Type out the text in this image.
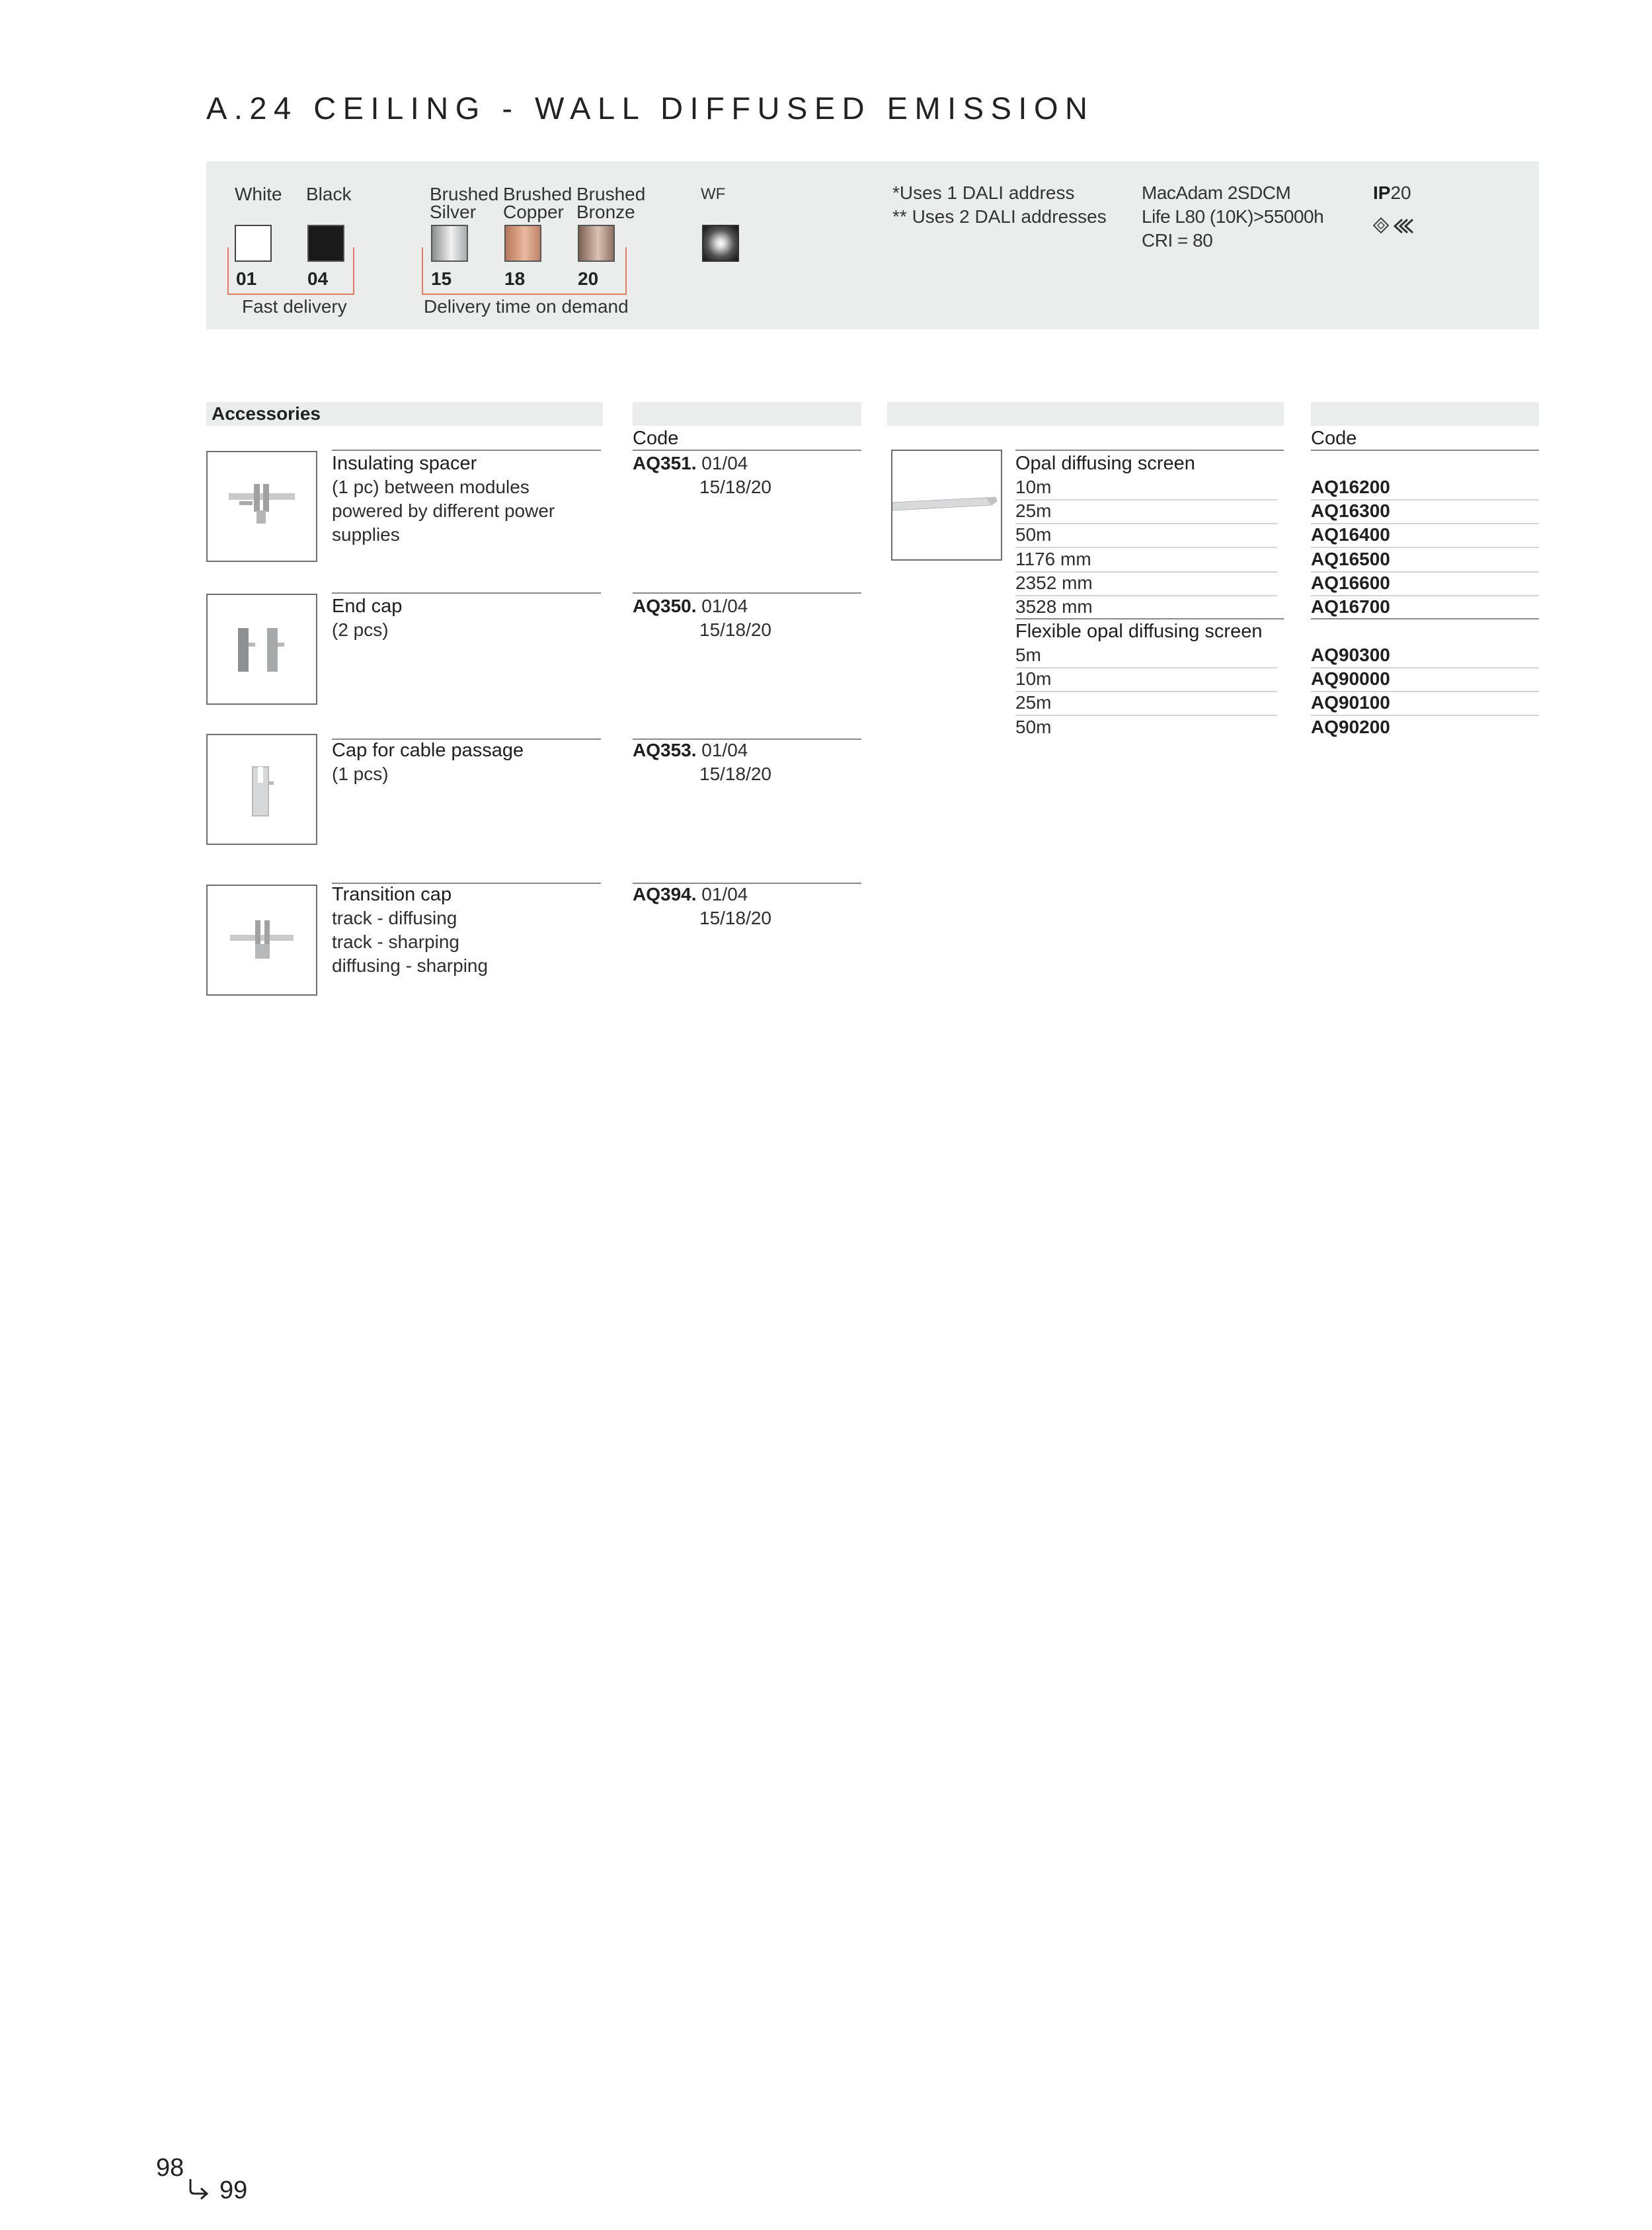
A.24 CEILING - WALL DIFFUSED EMISSION
White Black	Brushed
Silver
Brushed
Copper
Brushed
Bronze
WF
01	04	15	18	20
Fast delivery	Delivery time on demand
*Uses 1 DALI address
** Uses 2 DALI addresses
MacAdam 2SDCM
Life L80 (10K)>55000h
CRI = 80
IP20
Accessories
Code
Insulating spacer
(1 pc) between modules
powered by different power
supplies
AQ351. 01/04
15/18/20
End cap
(2 pcs)
AQ350. 01/04
15/18/20
Cap for cable passage
(1 pcs)
AQ353. 01/04
15/18/20
Transition cap
track - diffusing
track - sharping
diffusing - sharping
AQ394. 01/04
15/18/20
Code
Opal diffusing screen
10m	AQ16200
25m	AQ16300
50m	AQ16400
1176 mm	AQ16500
2352 mm	AQ16600
3528 mm	AQ16700
Flexible opal diffusing screen
5m	AQ90300
10m	AQ90000
25m	AQ90100
50m	AQ90200
98
99
